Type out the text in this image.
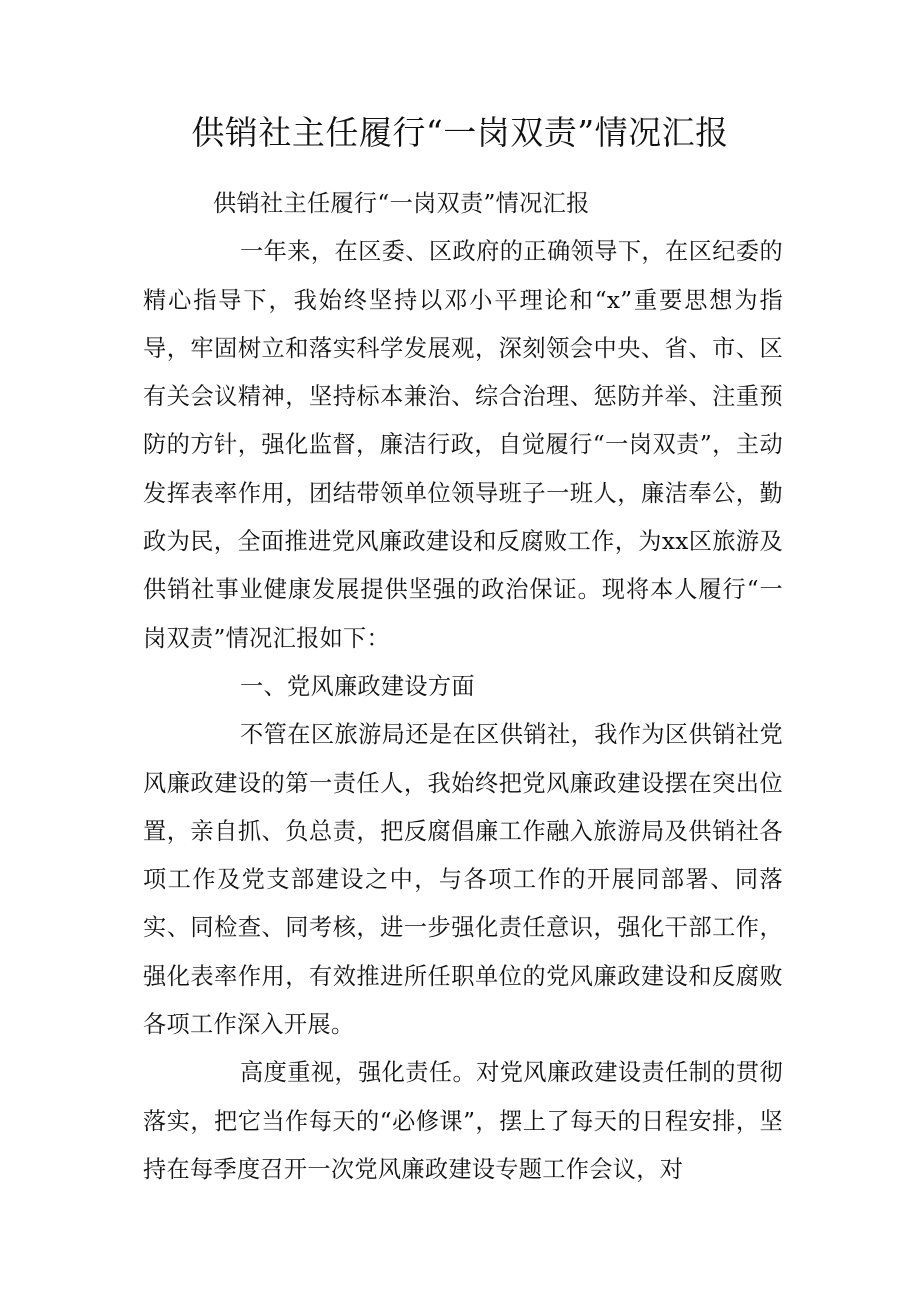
供销社主任履行“一岗双责”情况汇报

供销社主任履行“一岗双责”情况汇报

一年来，在区委、区政府的正确领导下，在区纪委的精心指导下，我始终坚持以邓小平理论和“x”重要思想为指导，牢固树立和落实科学发展观，深刻领会中央、省、市、区有关会议精神，坚持标本兼治、综合治理、惩防并举、注重预防的方针，强化监督，廉洁行政，自觉履行“一岗双责”，主动发挥表率作用，团结带领单位领导班子一班人，廉洁奉公，勤政为民，全面推进党风廉政建设和反腐败工作，为xx区旅游及供销社事业健康发展提供坚强的政治保证。现将本人履行“一岗双责”情况汇报如下：

一、党风廉政建设方面

不管在区旅游局还是在区供销社，我作为区供销社党风廉政建设的第一责任人，我始终把党风廉政建设摆在突出位置，亲自抓、负总责，把反腐倡廉工作融入旅游局及供销社各项工作及党支部建设之中，与各项工作的开展同部署、同落实、同检查、同考核，进一步强化责任意识，强化干部工作，强化表率作用，有效推进所任职单位的党风廉政建设和反腐败各项工作深入开展。

高度重视，强化责任。对党风廉政建设责任制的贯彻落实，把它当作每天的“必修课”，摆上了每天的日程安排，坚持在每季度召开一次党风廉政建设专题工作会议，对
